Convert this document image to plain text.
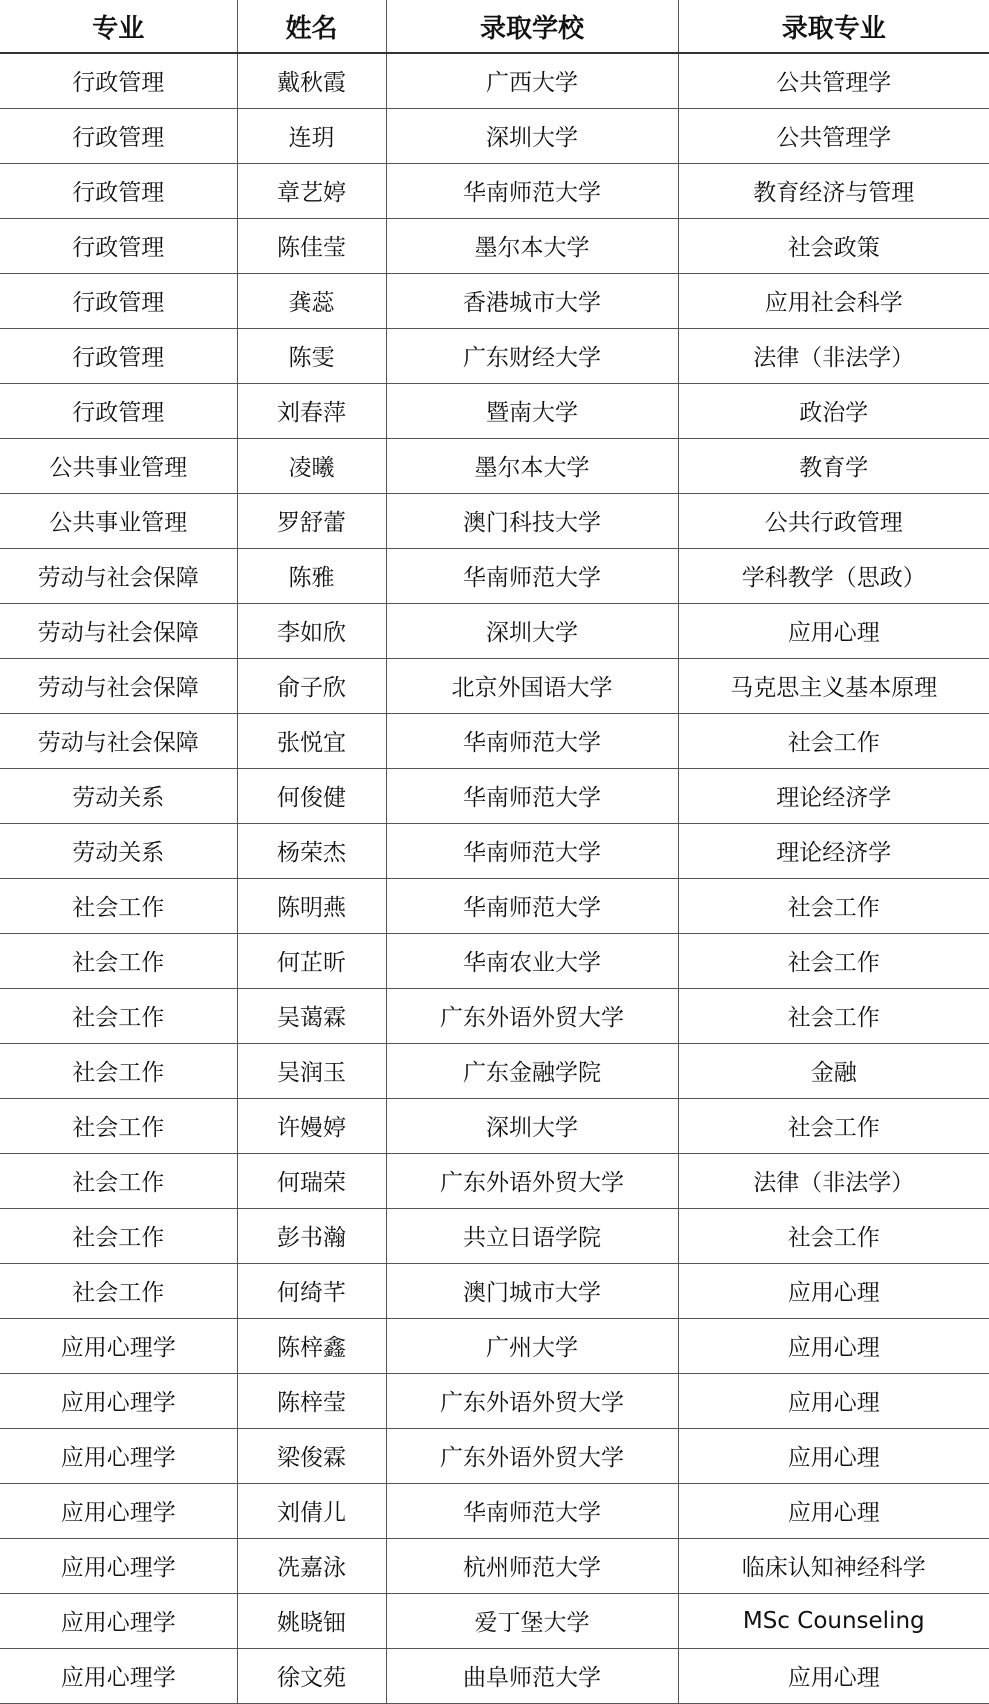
专业	姓名	录取学校	录取专业
行政管理	戴秋霞	广西大学	公共管理学
行政管理	连玥	深圳大学	公共管理学
行政管理	章艺婷	华南师范大学	教育经济与管理
行政管理	陈佳莹	墨尔本大学	社会政策
行政管理	龚蕊	香港城市大学	应用社会科学
行政管理	陈雯	广东财经大学	法律（非法学）
行政管理	刘春萍	暨南大学	政治学
公共事业管理	凌曦	墨尔本大学	教育学
公共事业管理	罗舒蕾	澳门科技大学	公共行政管理
劳动与社会保障	陈雅	华南师范大学	学科教学（思政）
劳动与社会保障	李如欣	深圳大学	应用心理
劳动与社会保障	俞子欣	北京外国语大学	马克思主义基本原理
劳动与社会保障	张悦宜	华南师范大学	社会工作
劳动关系	何俊健	华南师范大学	理论经济学
劳动关系	杨荣杰	华南师范大学	理论经济学
社会工作	陈明燕	华南师范大学	社会工作
社会工作	何芷昕	华南农业大学	社会工作
社会工作	吴蔼霖	广东外语外贸大学	社会工作
社会工作	吴润玉	广东金融学院	金融
社会工作	许嫚婷	深圳大学	社会工作
社会工作	何瑞荣	广东外语外贸大学	法律（非法学）
社会工作	彭书瀚	共立日语学院	社会工作
社会工作	何绮芊	澳门城市大学	应用心理
应用心理学	陈梓鑫	广州大学	应用心理
应用心理学	陈梓莹	广东外语外贸大学	应用心理
应用心理学	梁俊霖	广东外语外贸大学	应用心理
应用心理学	刘倩儿	华南师范大学	应用心理
应用心理学	冼嘉泳	杭州师范大学	临床认知神经科学
应用心理学	姚晓钿	爱丁堡大学	MSc Counseling
应用心理学	徐文苑	曲阜师范大学	应用心理
